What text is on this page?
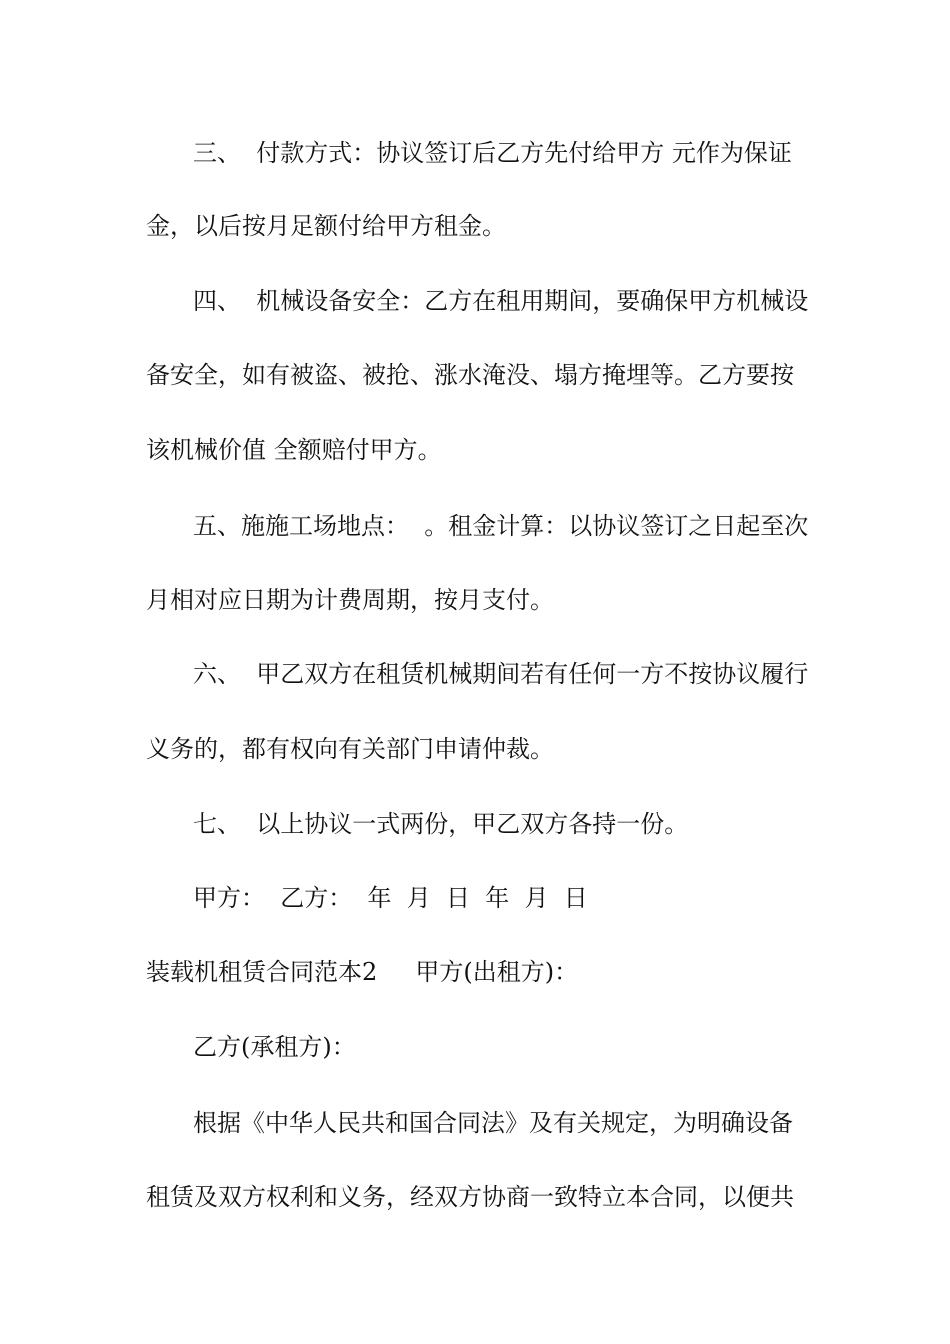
三、  付款方式：协议签订后乙方先付给甲方 元作为保证
金，以后按月足额付给甲方租金。
四、  机械设备安全：乙方在租用期间，要确保甲方机械设
备安全，如有被盗、被抢、涨水淹没、塌方掩埋等。乙方要按
该机械价值 全额赔付甲方。
五、施施工场地点：  。租金计算：以协议签订之日起至次
月相对应日期为计费周期，按月支付。
六、  甲乙双方在租赁机械期间若有任何一方不按协议履行
义务的，都有权向有关部门申请仲裁。
七、  以上协议一式两份，甲乙双方各持一份。
甲方：  乙方：  年  月  日  年  月  日
装载机租赁合同范本2     甲方(出租方)：
乙方(承租方)：
根据《中华人民共和国合同法》及有关规定，为明确设备
租赁及双方权利和义务，经双方协商一致特立本合同，以便共
